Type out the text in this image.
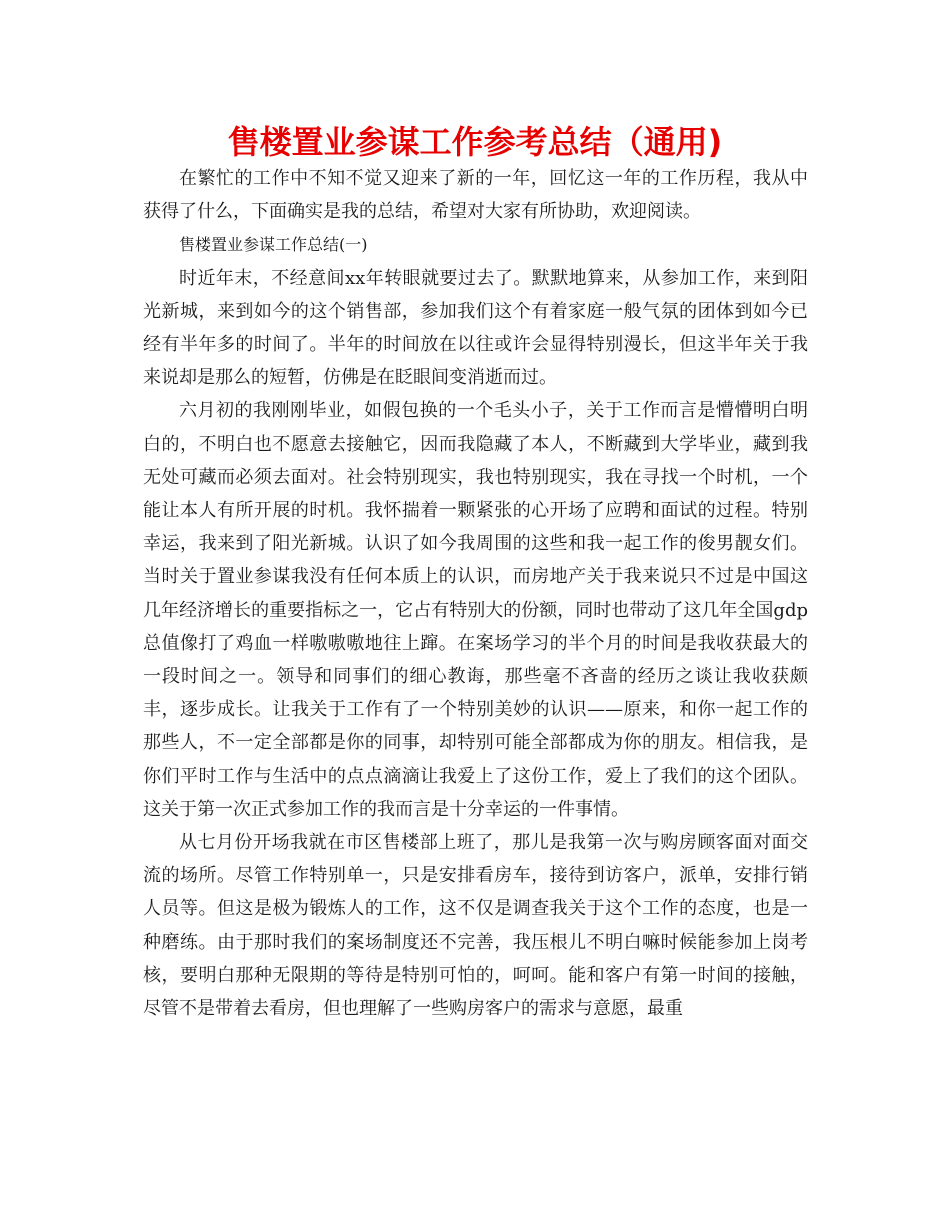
售楼置业参谋工作参考总结（通用)

在繁忙的工作中不知不觉又迎来了新的一年，回忆这一年的工作历程，我从中获得了什么，下面确实是我的总结，希望对大家有所协助，欢迎阅读。

售楼置业参谋工作总结(一)

时近年末，不经意间xx年转眼就要过去了。默默地算来，从参加工作，来到阳光新城，来到如今的这个销售部，参加我们这个有着家庭一般气氛的团体到如今已经有半年多的时间了。半年的时间放在以往或许会显得特别漫长，但这半年关于我来说却是那么的短暂，仿佛是在眨眼间变消逝而过。

六月初的我刚刚毕业，如假包换的一个毛头小子，关于工作而言是懵懵明白明白的，不明白也不愿意去接触它，因而我隐藏了本人，不断藏到大学毕业，藏到我无处可藏而必须去面对。社会特别现实，我也特别现实，我在寻找一个时机，一个能让本人有所开展的时机。我怀揣着一颗紧张的心开场了应聘和面试的过程。特别幸运，我来到了阳光新城。认识了如今我周围的这些和我一起工作的俊男靓女们。当时关于置业参谋我没有任何本质上的认识，而房地产关于我来说只不过是中国这几年经济增长的重要指标之一，它占有特别大的份额，同时也带动了这几年全国gdp总值像打了鸡血一样嗷嗷嗷地往上蹿。在案场学习的半个月的时间是我收获最大的一段时间之一。领导和同事们的细心教诲，那些毫不吝啬的经历之谈让我收获颇丰，逐步成长。让我关于工作有了一个特别美妙的认识——原来，和你一起工作的那些人，不一定全部都是你的同事，却特别可能全部都成为你的朋友。相信我，是你们平时工作与生活中的点点滴滴让我爱上了这份工作，爱上了我们的这个团队。这关于第一次正式参加工作的我而言是十分幸运的一件事情。

从七月份开场我就在市区售楼部上班了，那儿是我第一次与购房顾客面对面交流的场所。尽管工作特别单一，只是安排看房车，接待到访客户，派单，安排行销人员等。但这是极为锻炼人的工作，这不仅是调查我关于这个工作的态度，也是一种磨练。由于那时我们的案场制度还不完善，我压根儿不明白嘛时候能参加上岗考核，要明白那种无限期的等待是特别可怕的，呵呵。能和客户有第一时间的接触，尽管不是带着去看房，但也理解了一些购房客户的需求与意愿，最重
